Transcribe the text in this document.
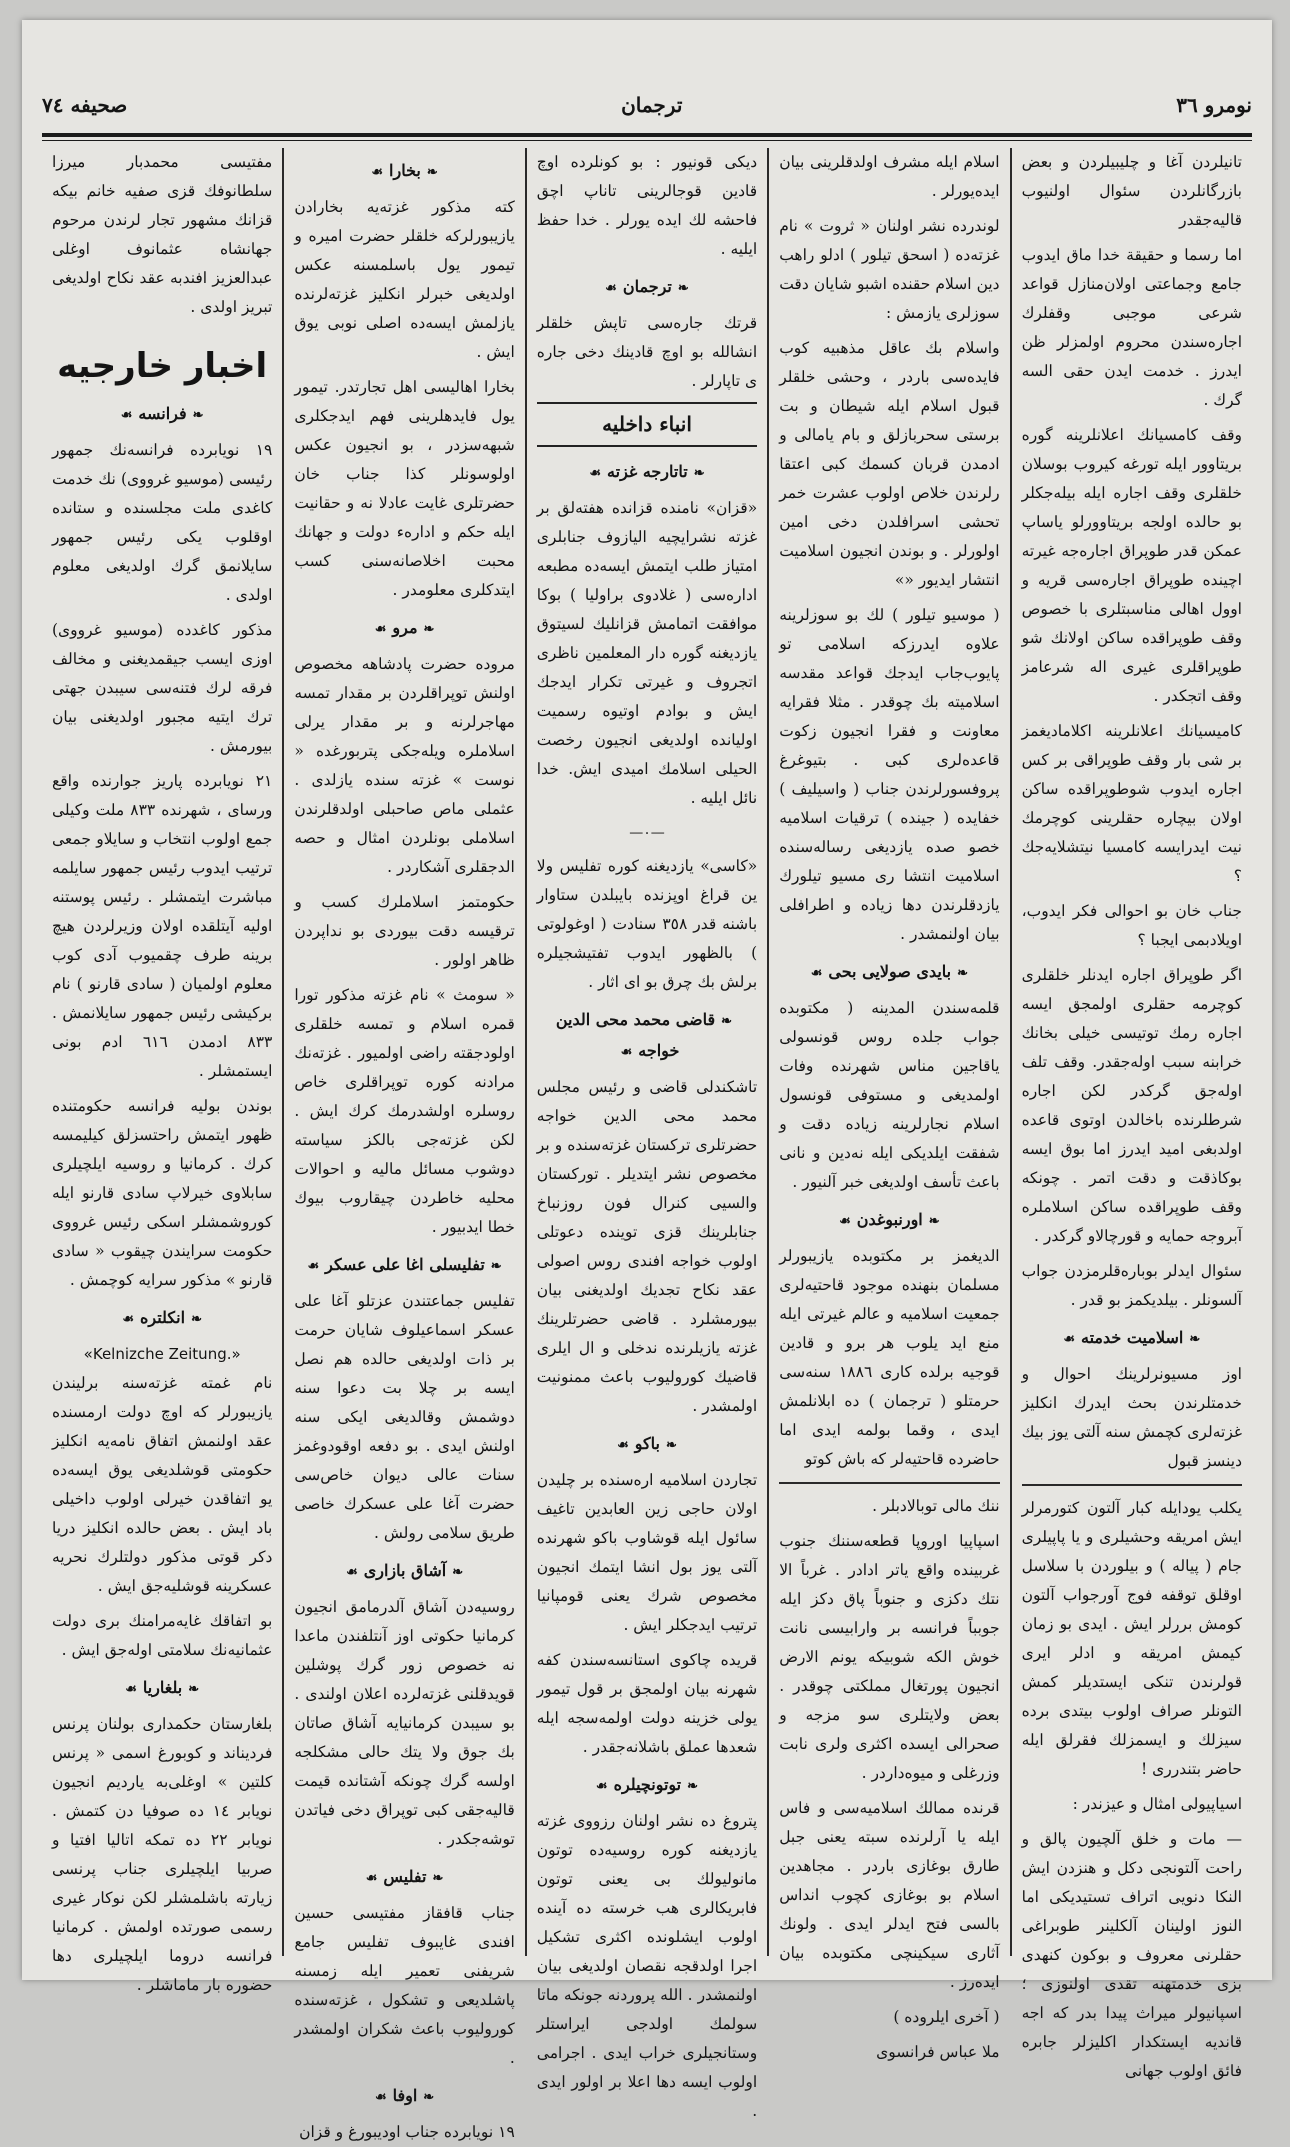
نومرو ٣٦
ترجمان
صحيفه ٧٤

تانيلردن آغا و چليبيلردن و بعض بازرگانلردن سئوال اولنيوب قاليه‌جقدر

اما رسما و حقيقة خدا ماق ايدوب جامع وجماعتی اولان‌منازل قواعد شرعی موجبی وقفلرك اجاره‌سندن محروم اولمزلر ظن ايدرز . خدمت ايدن حقی السه گرك .

وقف كامسيانك اعلانلرينه گوره بريتاوور ايله تورغه كيروب بوسلان خلقلری وقف اجاره ايله بيله‌جكلر بو حالده اولجه بريتاوورلو ياساپ عمكن قدر طوپراق اجاره‌جه غيرته اچينده طوپراق اجاره‌سی قريه و اوول اهالی مناسبتلری با خصوص وقف طوپراقده ساكن اولانك شو طوپراقلری غيری اله شرعا‌مز وقف اتجكدر .

كاميسيانك اعلانلرينه اكلاماديغمز بر شی بار وقف طوپراقی بر كس اجاره ايدوب شوطوپراقده ساكن اولان بيچاره حقلرينی كوچرمك نيت ايدرايسه كامسيا نيتشلايه‌جك ؟

جناب خان بو احوالی فكر ايدوب، اويلادبمی ايجبا ؟

اگر طوپراق اجاره ايدنلر خلقلری كوچرمه حقلری اولمجق ايسه اجاره رمك توتيسی خيلی بخانك خرابنه سبب اوله‌جقدر. وقف تلف اوله‌جق گركدر لكن اجاره شرطلرنده باخالدن اوتوی قاعده اولدبغی اميد ايدرز اما بوق ايسه بوكاذقت و دقت اتمر . چونكه وقف طوپراقده ساكن اسلاملره آبروجه حمايه و قورچالاو گركدر .

سئوال ايدلر بوباره‌قلرمزدن جواب آلسونلر . بيلديكمز بو قدر .

❧اسلاميت خدمته☙

اوز مسيونرلرينك احوال و خدمتلرندن بحث ايدرك انكليز غزته‌لری كچمش سنه آلتی يوز بيك دينسز قبول

يكلب يودايله كبار آلتون كتورمرلر ايش امريقه وحشيلری و يا پاپيلری جام ( پياله ) و بيلوردن با سلاسل اوقلق توقفه فوج آورجواب آلتون كومش بررلر ايش . ايدی بو زمان كيمش امريقه و ادلر ايری قولرندن تنكی ايستديلر كمش التونلر صراف اولوب بيتدی برده سيزلك و ايسمزلك فقرلق ايله حاضر بتندرری !

اسياپيولی امثال و عيزندر :

— مات و خلق آلچيون پالق و راحت آلتونجی دكل و هنزدن ايش النكا دنويی اتراف تستيديكی اما النوز اولينان آلكلينر طوبراغی حقلرنی معروف و بوكون كنهدی بزی خدمتهنه تقدی اولنوزی ؛ اسپانيولر ميراث پيدا بدر كه اجه قانديه ايستكدار اكليزلر جابره فائق اولوب جهانی

اسلام ايله مشرف اولدقلرينی بيان ايده‌يورلر .

لوندرده نشر اولنان « ثروت » نام غزته‌ده ( اسحق تيلور ) ادلو راهب دين اسلام حقنده اشبو شايان دقت سوزلری يازمش :

واسلام بك عاقل مذهبيه كوب فايده‌سی باردر ، وحشی خلقلر قبول اسلام ايله شيطان و بت برستی سحربازلق و بام يامالی و ادمدن قربان كسمك كبی اعتقا رلرندن خلاص اولوب عشرت خمر تحشی اسرافلدن دخی امين اولورلر . و بوندن انجيون اسلاميت انتشار ايديور «»

( موسيو تيلور ) لك بو سوزلرينه علاوه ايدرزكه اسلامی تو پايوب‌جاب ايدجك قواعد مقدسه اسلاميته بك چوقدر . مثلا فقرايه معاونت و فقرا انجيون زكوت قاعده‌لری كبی . بتيوغرغ پروفسورلرندن جناب ( واسيليف ) خفايده ( جينده ) ترقيات اسلاميه خصو صده يازديغی رساله‌سنده اسلاميت انتشا ری مسيو تيلورك يازدقلرندن دها زياده و اطرافلی بيان اولنمشدر .

❧بايدی صولايی بحی☙

قلمه‌سندن المدينه ( مكتوبده جواب جلده روس قونسولی ياقاجين مناس شهرنده وفات اولمديغی و مستوفی قونسول اسلام نجارلرينه زياده دقت و شفقت ايلديكی ايله نه‌دين و نانی باعث تأسف اولديغی خبر آلنيور .

❧اورنبوغدن☙

الديغمز بر مكتوبده يازيبورلر مسلمان بنهنده موجود قاحتيه‌لری جمعيت اسلاميه و عالم غيرتی ايله منع ايد يلوب هر برو و قادين قوجيه برلده كاری ١٨٨٦ سنه‌سی حرمتلو ( ترجمان ) ده ابلانلمش ايدی ، وقما بولمه ايدی اما حاضرده قاحتيه‌لر كه باش كوتو

ننك مالی توبالادبلر .

اسپاپيا اوروپا قطعه‌سننك جنوب غربينده واقع ياتر ادادر . غرباً الا نتك دكزی و جنوباً پاق دكز ايله جوبباً فرانسه بر وارابيسی نانت خوش الكه شوبيكه يونم الارض انجيون پورتغال مملكتی چوقدر . بعض ولايتلری سو مزجه و صحرالی ايسده اكثری ولری نابت وزرغلی و ميوه‌داردر .

قرنده ممالك اسلاميه‌سی و فاس ايله يا آرلرنده سبته يعنی جبل طارق بوغازی باردر . مجاهدين اسلام بو بوغازی كچوب انداس بالسی فتح ايدلر ايدی . ولونك آثاری سيكينچی‌ مكتوبده بيان ايده‌رز .

( آخری ايلروده )

ملا عباس فرانسوی

ديكی قونيور : بو كونلرده اوچ قادين قوجالرينی تاناپ اچق فاحشه لك ايده يورلر . خدا حفظ ايليه .

❧ترجمان☙

قرتك جاره‌سی تاپش خلقلر انشالله بو اوچ قادينك دخی جاره‌ ی تاپارلر .

انباء داخليه
❧تاتارجه غزته☙

«قزان» نامنده قزانده هفته‌لق بر غزته نشرايچيه اليازوف جنابلری امتياز طلب ايتمش ايسه‌ده مطبعه اداره‌سی ( غلادوی براوليا ) بوكا موافقت اتمامش قزانلیك لسيتوق يازديغنه گوره دار المعلمين ناظری اتجروف و غيرتی تكرار ايدجك ايش و بوادم اوتيوه رسميت اوليانده اولديغی انجيون رخصت الحيلی اسلامك اميدی ايش. خدا نائل ايليه .

—٠—

«كاسی» يازديغنه كوره تفليس ولا ين قراغ اوپزنده بايبلدن ستاوار باشنه قدر ٣٥٨ سنادت ( اوغولوتی ) بالظهور ايدوب تفتيشجيلره برلش بك چرق بو ای اثار .

❧قاضی محمد محی الدين خواجه☙

تاشكندلی قاضی و رئيس مجلس محمد محی الدين خواجه حضرتلری تركستان غزته‌سنده و بر مخصوص نشر ايتديلر . توركستان والسيی كنرال فون روزنباخ جنابلرينك قزی توينده دعوتلی اولوب خواجه افندی روس اصولی عقد نكاح تجديك اولديغنی بيان بيورمشلرد . قاضی حضرتلرينك غزته يازيلرنده ندخلی و ال ايلری قاضيك كوروليوب باعث ممنونيت اولمشدر .

❧باكو☙

تجاردن اسلاميه اره‌سنده بر چليدن اولان حاجی زين العابدين تاغيف سائول ايله قوشاوب باكو شهرنده آلتی يوز بول انشا ايتمك انجيون مخصوص شرك يعنی قومپانيا ترتيب ايدجكلر ايش .

قريده چاكوی استانسه‌سندن كفه شهرنه بيان اولمجق بر قول تيمور يولی خزينه دولت اولمه‌سجه ايله‌ شعدها عملق باشلانه‌جقدر .

❧توتونچيلره☙

پتروغ ده نشر اولنان رزووی غزته يازديغنه كوره روسيه‌ده توتون مانوليولك بی يعنی توتون فابريكالری هب خرسته ده آينده اولوب ايشلونده اكثری تشكيل اجرا اولدقجه نقصان اولديغی بيان اولنمشدر . الله پروردنه جونكه ماتا سولمك اولدجی ايراستلر وستانجيلری خراب ايدی . اجرامی اولوب ايسه دها اعلا بر اولور ايدی .

❧بخارا☙

كته مذكور غزته‌يه بخارادن يازيبورلركه خلقلر حضرت امير‌ه و تيمور يول باسلمسنه عكس اولديغی خبرلر انكليز غزته‌لرنده يازلمش ايسه‌ده اصلی نوبی يوق ايش .

بخارا اهاليسی اهل تجارتدر. تيمور يول فايدهلرينی فهم ايدجكلری شبهه‌سزدر ، بو انجيون عكس اولوسونلر كذا جناب خان حضرتلری غايت عادلا نه و حقانيت ايله حكم و اداره‌ء دولت و جهانك محبت اخلاصانه‌سنی كسب ايتدكلری معلومدر .

❧مرو☙

مروده حضرت پادشاهه مخصوص اولنش توپراقلردن بر مقدار تمسه مهاجرلرنه و بر مقدار يرلی اسلاملره ويله‌جكی پتربورغده « نوست » غزته سنده يازلدی . عثملی ماص صاحبلی اولدقلرندن اسلاملی بونلردن امثال و حصه الدجقلری آشكاردر .

حكومتمز اسلاملرك كسب و ترقيسه دقت بيوردی بو نداپردن ظاهر اولور .

« سومث » نام غزته مذكور تورا قمره اسلام و تمسه خلقلری اولودجقته راضی اولميور . غزته‌نك مرادنه كوره توپراقلری خاص روسلره اولشدرمك كرك ايش . لكن غزته‌جی بالكز سياسته دوشوب مسائل ماليه و احوالات محليه خاطردن چيقاروب بيوك خطا ايدبيور .

❧تفليسلی اغا علی عسكر☙

تفليس جماعتندن عزتلو آغا علی عسكر اسماعيلوف شايان حرمت بر ذات اولديغی حالده هم نصل ايسه بر چلا بت دعوا سنه دوشمش وقالديغی ايكی سنه اولنش ايدی . بو دفعه اوقودوغمز سنات عالی ديوان خاص‌سی حضرت آغا علی عسكرك خاصی طريق سلامی رولش .

❧آشاق بازاری☙

روسيه‌دن آشاق آلدرمامق انجيون كرمانيا حكوتی اوز آنتلفندن ماعدا نه خصوص زور گرك پوشلين قويدقلنی غزته‌لرده اعلان اولندی . بو سيبدن كرمانيايه آشاق صاتان بك جوق ولا يتك حالی مشكلجه اولسه گرك چونكه آشتانده قيمت قاليه‌جقی كبی توپراق دخی فياتدن توشه‌جكدر .

❧تفليس☙

جناب قافقاز مفتيسی حسين افندی غايبوف تفليس جامع شريفنی تعمير ايله زمسنه پاشلديعی و تشكول ، غزته‌سنده كوروليوب باعث شكران اولمشدر .

❧اوفا☙

١٩ نويابرده جناب اوديبورغ و قزان

مفتيسی محمدبار ميرزا سلطانوفك قزی صفيه خانم بيكه قزانك مشهور تجار لرندن مرحوم جهانشاه عثمانوف اوغلی عبدالعزيز افندبه عقد نكاح اولديغی تبريز اولدی .

اخبار خارجيه
❧فرانسه☙

١٩ نويابرده فرانسه‌نك جمهور رئيسی (موسيو غرووی) نك خدمت كاغدی ملت مجلسنده و ستانده اوقلوب يكی رئيس جمهور سايلانمق گرك اولديغی معلوم اولدی .

مذكور كاغدده (موسيو غرووی) اوزی ايسب جيقمديغنی و مخالف فرقه لرك فتنه‌سی سيبدن جهتی ترك ايتيه مجبور اولديغنی بيان بيورمش .

٢١ نويابرده پاريز جوارنده واقع ورسای ، شهرنده ٨٣٣ ملت وكيلی جمع اولوب انتخاب و سايلاو جمعی ترتيب ايدوب رئيس جمهور سايلمه مباشرت ايتمشلر . رئيس پوستنه اوليه آيتلقده اولان وزيرلردن هيچ برينه طرف چقميوب آدی كوب معلوم اولميان ( سادی قارنو ) نام بركيشی رئيس جمهور سايلانمش . ٨٣٣ ادمدن ٦١٦ ادم بونی ايستمشلر .

بوندن بوليه فرانسه حكومتنده ظهور ايتمش راحتسزلق كيليمسه كرك . كرمانيا و روسيه ايلچيلری سابلاوی خيرلاپ سادی قارنو ايله كوروشمشلر اسكی رئيس غرووی حكومت سرايندن چيقوب « سادی قارنو » مذكور سرايه كوچمش .

❧انكلتره☙
«Kelnizche Zeitung.»

نام غمته غزته‌سنه برليندن يازيبورلر كه اوچ دولت ارمسنده عقد اولنمش اتفاق نامه‌يه انكليز حكومتی قوشلديغی يوق ايسه‌ده يو اتفاقدن خيرلی اولوب داخيلی باد ايش . بعض حالده انكليز دريا دكر قوتی مذكور دولتلرك نحريه عسكرينه قوشليه‌جق ايش .

بو اتفاقك غايه‌مرامنك برى دولت عثمانيه‌نك سلامتی اوله‌جق ايش .

❧بلغاريا☙

بلغارستان حكمداری بولنان پرنس فرديناند و كوبورغ اسمی « پرنس كلتين » اوغلی‌به يارديم انجيون نويابر ١٤ ده صوفيا دن كتمش . نويابر ٢٢ ده تمكه اتاليا افتيا و صربيا ايلچيلری جناب پرنسی زيارته باشلمشلر لكن نوكار غيری رسمی صورتده اولمش . كرمانيا فرانسه دروما ايلچيلری دها حضوره بار ماماشلر .
